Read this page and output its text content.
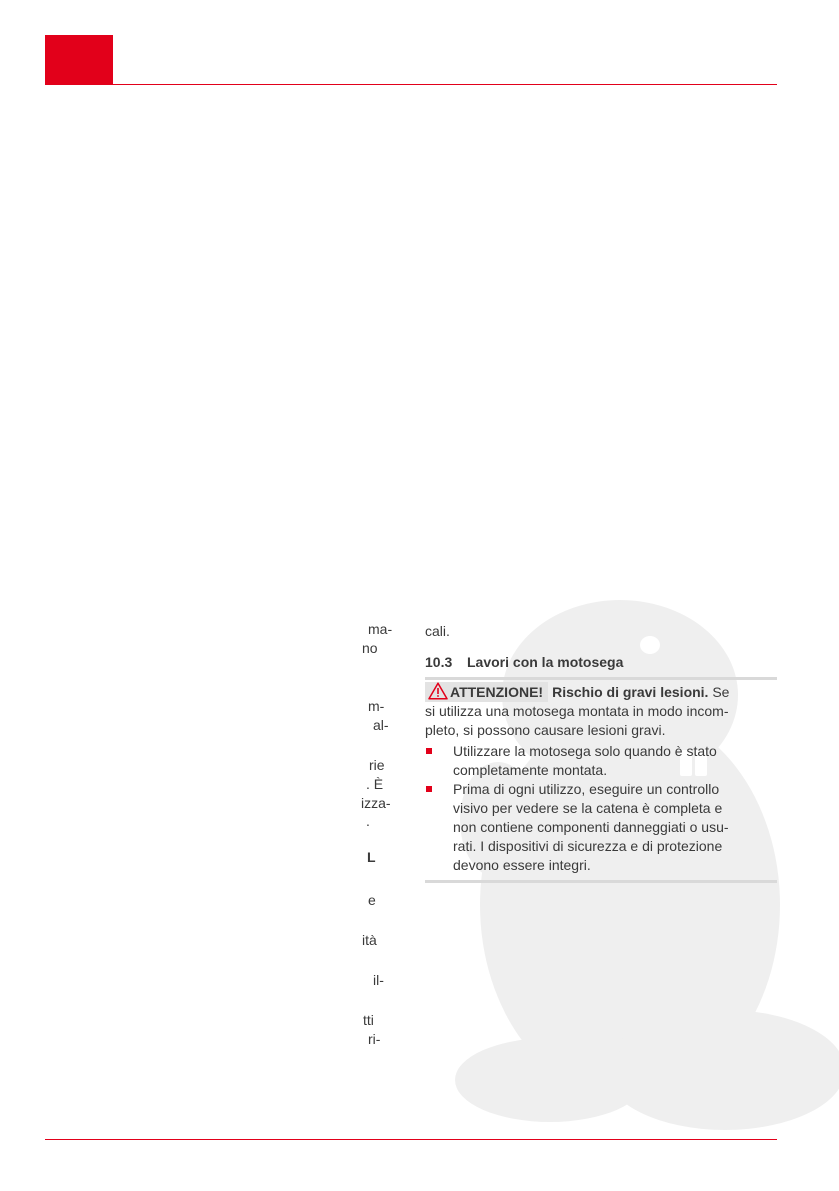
ma-
no
m-
al-
rie
. È
izza-
.
L
e
ità
il-
tti
ri-
cali.
10.3 Lavori con la motosega
ATTENZIONE! Rischio di gravi lesioni. Se
si utilizza una motosega montata in modo incom-
pleto, si possono causare lesioni gravi.
Utilizzare la motosega solo quando è stato
completamente montata.
Prima di ogni utilizzo, eseguire un controllo
visivo per vedere se la catena è completa e
non contiene componenti danneggiati o usu-
rati. I dispositivi di sicurezza e di protezione
devono essere integri.
